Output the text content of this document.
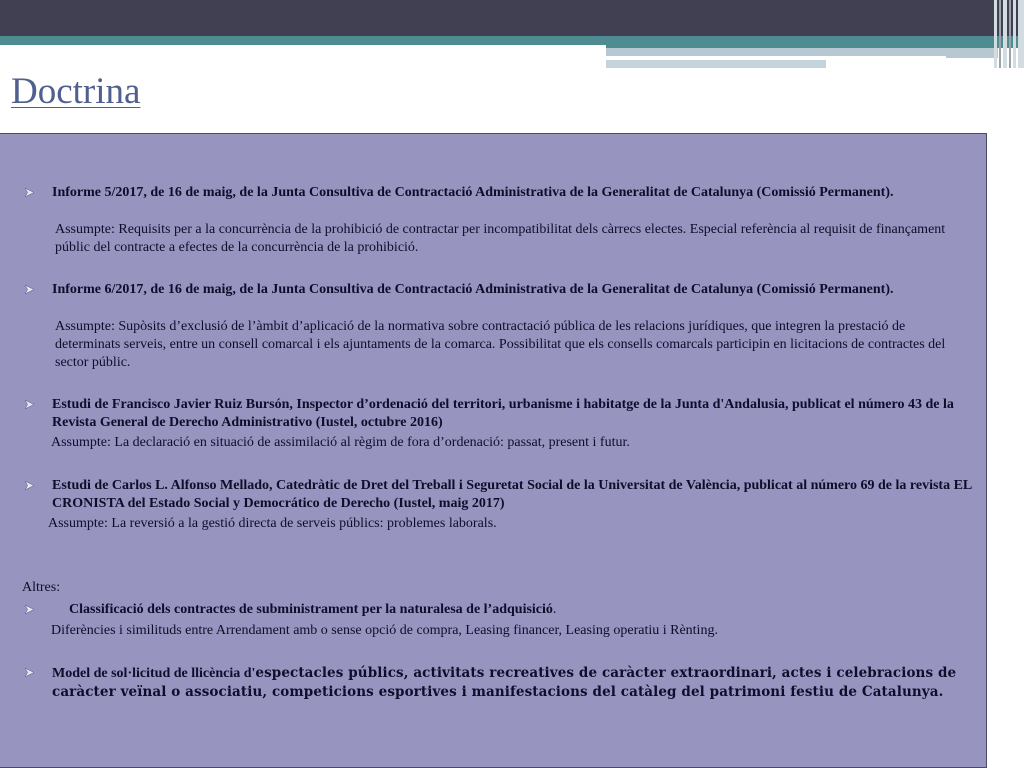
Doctrina
Informe 5/2017, de 16 de maig, de la Junta Consultiva de Contractació Administrativa de la Generalitat de Catalunya (Comissió Permanent).
Assumpte: Requisits per a la concurrència de la prohibició de contractar per incompatibilitat dels càrrecs electes. Especial referència al requisit de finançament públic del contracte a efectes de la concurrència de la prohibició.
Informe 6/2017, de 16 de maig, de la Junta Consultiva de Contractació Administrativa de la Generalitat de Catalunya (Comissió Permanent).
Assumpte: Supòsits d’exclusió de l’àmbit d’aplicació de la normativa sobre contractació pública de les relacions jurídiques, que integren la prestació de determinats serveis, entre un consell comarcal i els ajuntaments de la comarca. Possibilitat que els consells comarcals participin en licitacions de contractes del sector públic.
Estudi de Francisco Javier Ruiz Bursón, Inspector d’ordenació del territori, urbanisme i habitatge de la Junta d'Andalusia, publicat el número 43 de la Revista General de Derecho Administrativo (Iustel, octubre 2016)
Assumpte: La declaració en situació de assimilació al règim de fora d’ordenació: passat, present i futur.
Estudi de Carlos L. Alfonso Mellado, Catedràtic de Dret del Treball i Seguretat Social de la Universitat de València, publicat al número 69 de la revista EL CRONISTA del Estado Social y Democrático de Derecho (Iustel, maig 2017)
Assumpte: La reversió a la gestió directa de serveis públics: problemes laborals.
Altres:
Classificació dels contractes de subministrament per la naturalesa de l’adquisició.
Diferències i similituds entre Arrendament amb o sense opció de compra, Leasing financer, Leasing operatiu i Rènting.
Model de sol·licitud de llicència d'espectacles públics, activitats recreatives de caràcter extraordinari, actes i celebracions de caràcter veïnal o associatiu, competicions esportives i manifestacions del catàleg del patrimoni festiu de Catalunya.
